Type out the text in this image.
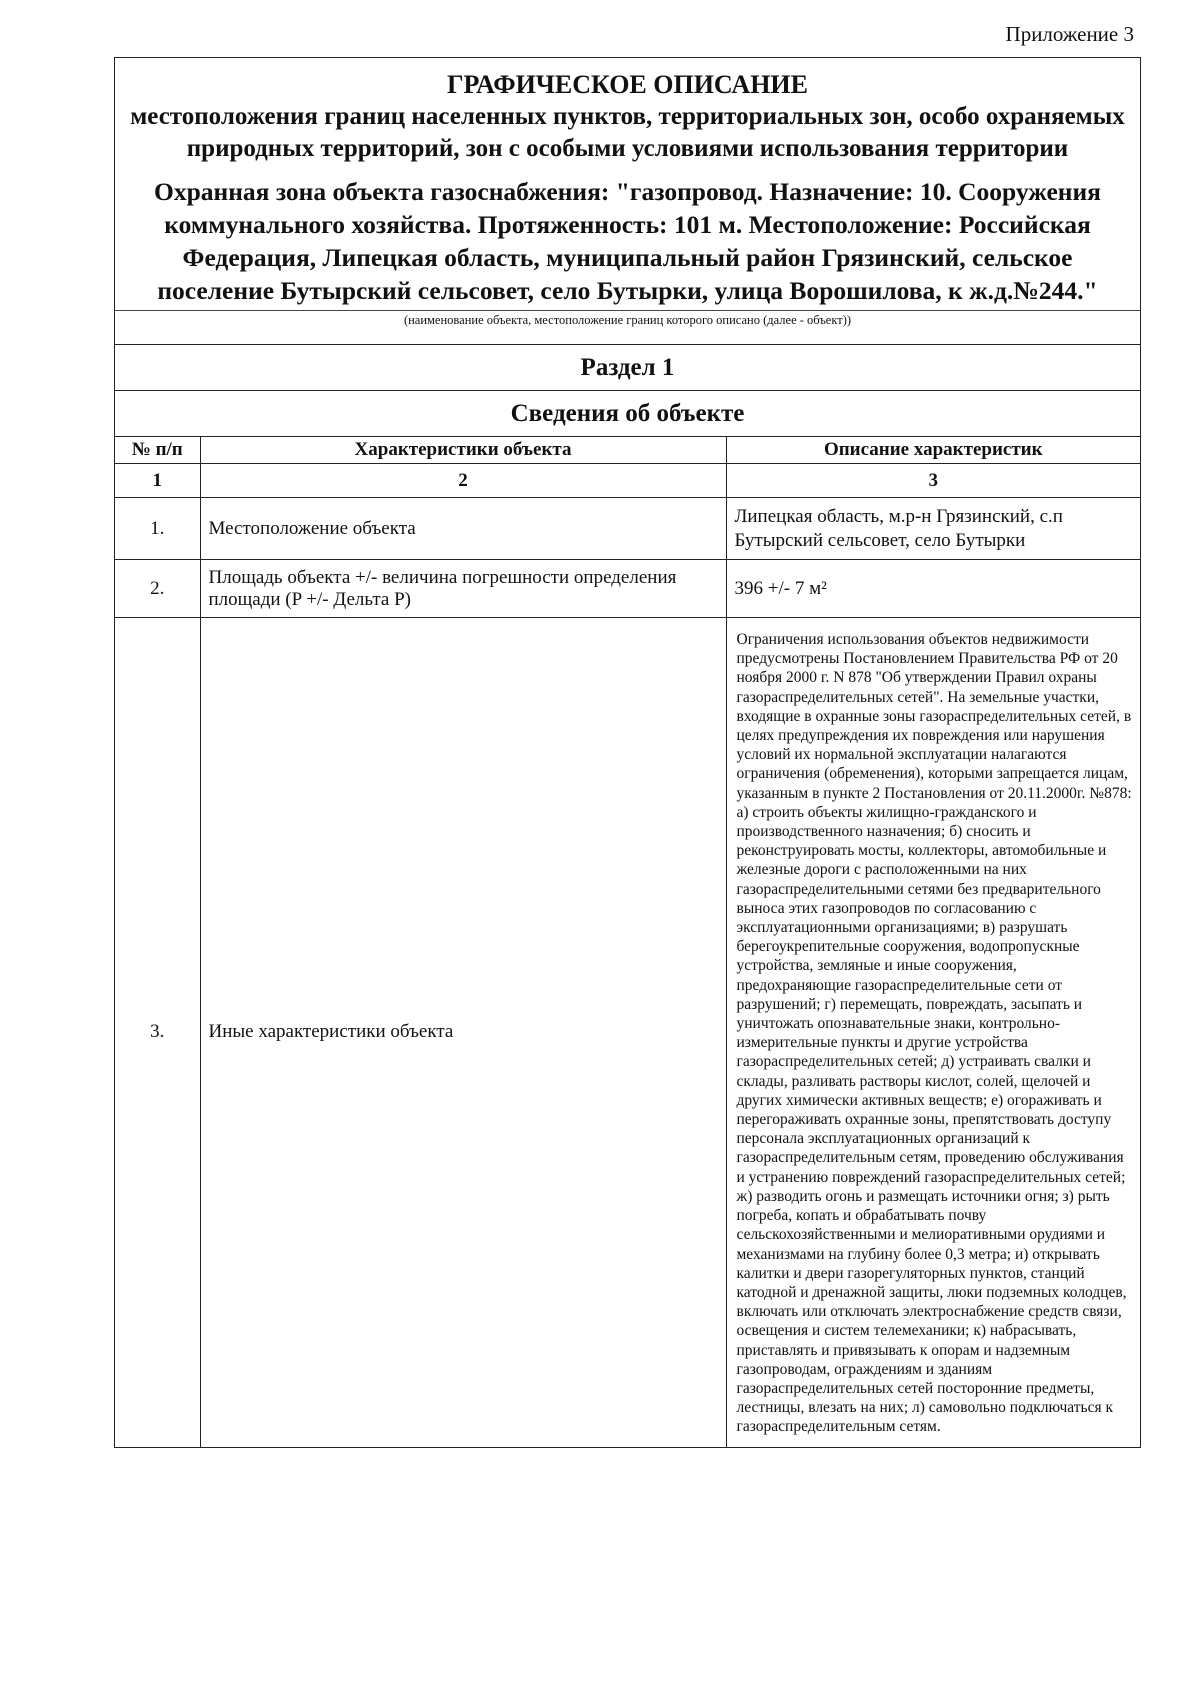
Приложение 3
ГРАФИЧЕСКОЕ ОПИСАНИЕ
местоположения границ населенных пунктов, территориальных зон, особо охраняемых природных территорий, зон с особыми условиями использования территории
Охранная зона объекта газоснабжения: "газопровод. Назначение: 10. Сооружения коммунального хозяйства. Протяженность: 101 м. Местоположение: Российская Федерация, Липецкая область, муниципальный район Грязинский, сельское поселение Бутырский сельсовет, село Бутырки, улица Ворошилова, к ж.д.№244."
(наименование объекта, местоположение границ которого описано (далее - объект))
Раздел 1
Сведения об объекте
№ п/п	Характеристики объекта	Описание характеристик
1	2	3
1.	Местоположение объекта	Липецкая область, м.р-н Грязинский, с.п Бутырский сельсовет, село Бутырки
2.	Площадь объекта +/- величина погрешности определения площади (P +/- Дельта P)	396 +/- 7 м²
3.	Иные характеристики объекта	Ограничения использования объектов недвижимости предусмотрены Постановлением Правительства РФ от 20 ноября 2000 г. N 878 "Об утверждении Правил охраны газораспределительных сетей". На земельные участки, входящие в охранные зоны газораспределительных сетей, в целях предупреждения их повреждения или нарушения условий их нормальной эксплуатации налагаются ограничения (обременения), которыми запрещается лицам, указанным в пункте 2 Постановления от 20.11.2000г. №878: а) строить объекты жилищно-гражданского и производственного назначения; б) сносить и реконструировать мосты, коллекторы, автомобильные и железные дороги с расположенными на них газораспределительными сетями без предварительного выноса этих газопроводов по согласованию с эксплуатационными организациями; в) разрушать берегоукрепительные сооружения, водопропускные устройства, земляные и иные сооружения, предохраняющие газораспределительные сети от разрушений; г) перемещать, повреждать, засыпать и уничтожать опознавательные знаки, контрольно-измерительные пункты и другие устройства газораспределительных сетей; д) устраивать свалки и склады, разливать растворы кислот, солей, щелочей и других химически активных веществ; е) огораживать и перегораживать охранные зоны, препятствовать доступу персонала эксплуатационных организаций к газораспределительным сетям, проведению обслуживания и устранению повреждений газораспределительных сетей; ж) разводить огонь и размещать источники огня; з) рыть погреба, копать и обрабатывать почву сельскохозяйственными и мелиоративными орудиями и механизмами на глубину более 0,3 метра; и) открывать калитки и двери газорегуляторных пунктов, станций катодной и дренажной защиты, люки подземных колодцев, включать или отключать электроснабжение средств связи, освещения и систем телемеханики; к) набрасывать, приставлять и привязывать к опорам и надземным газопроводам, ограждениям и зданиям газораспределительных сетей посторонние предметы, лестницы, влезать на них; л) самовольно подключаться к газораспределительным сетям.
